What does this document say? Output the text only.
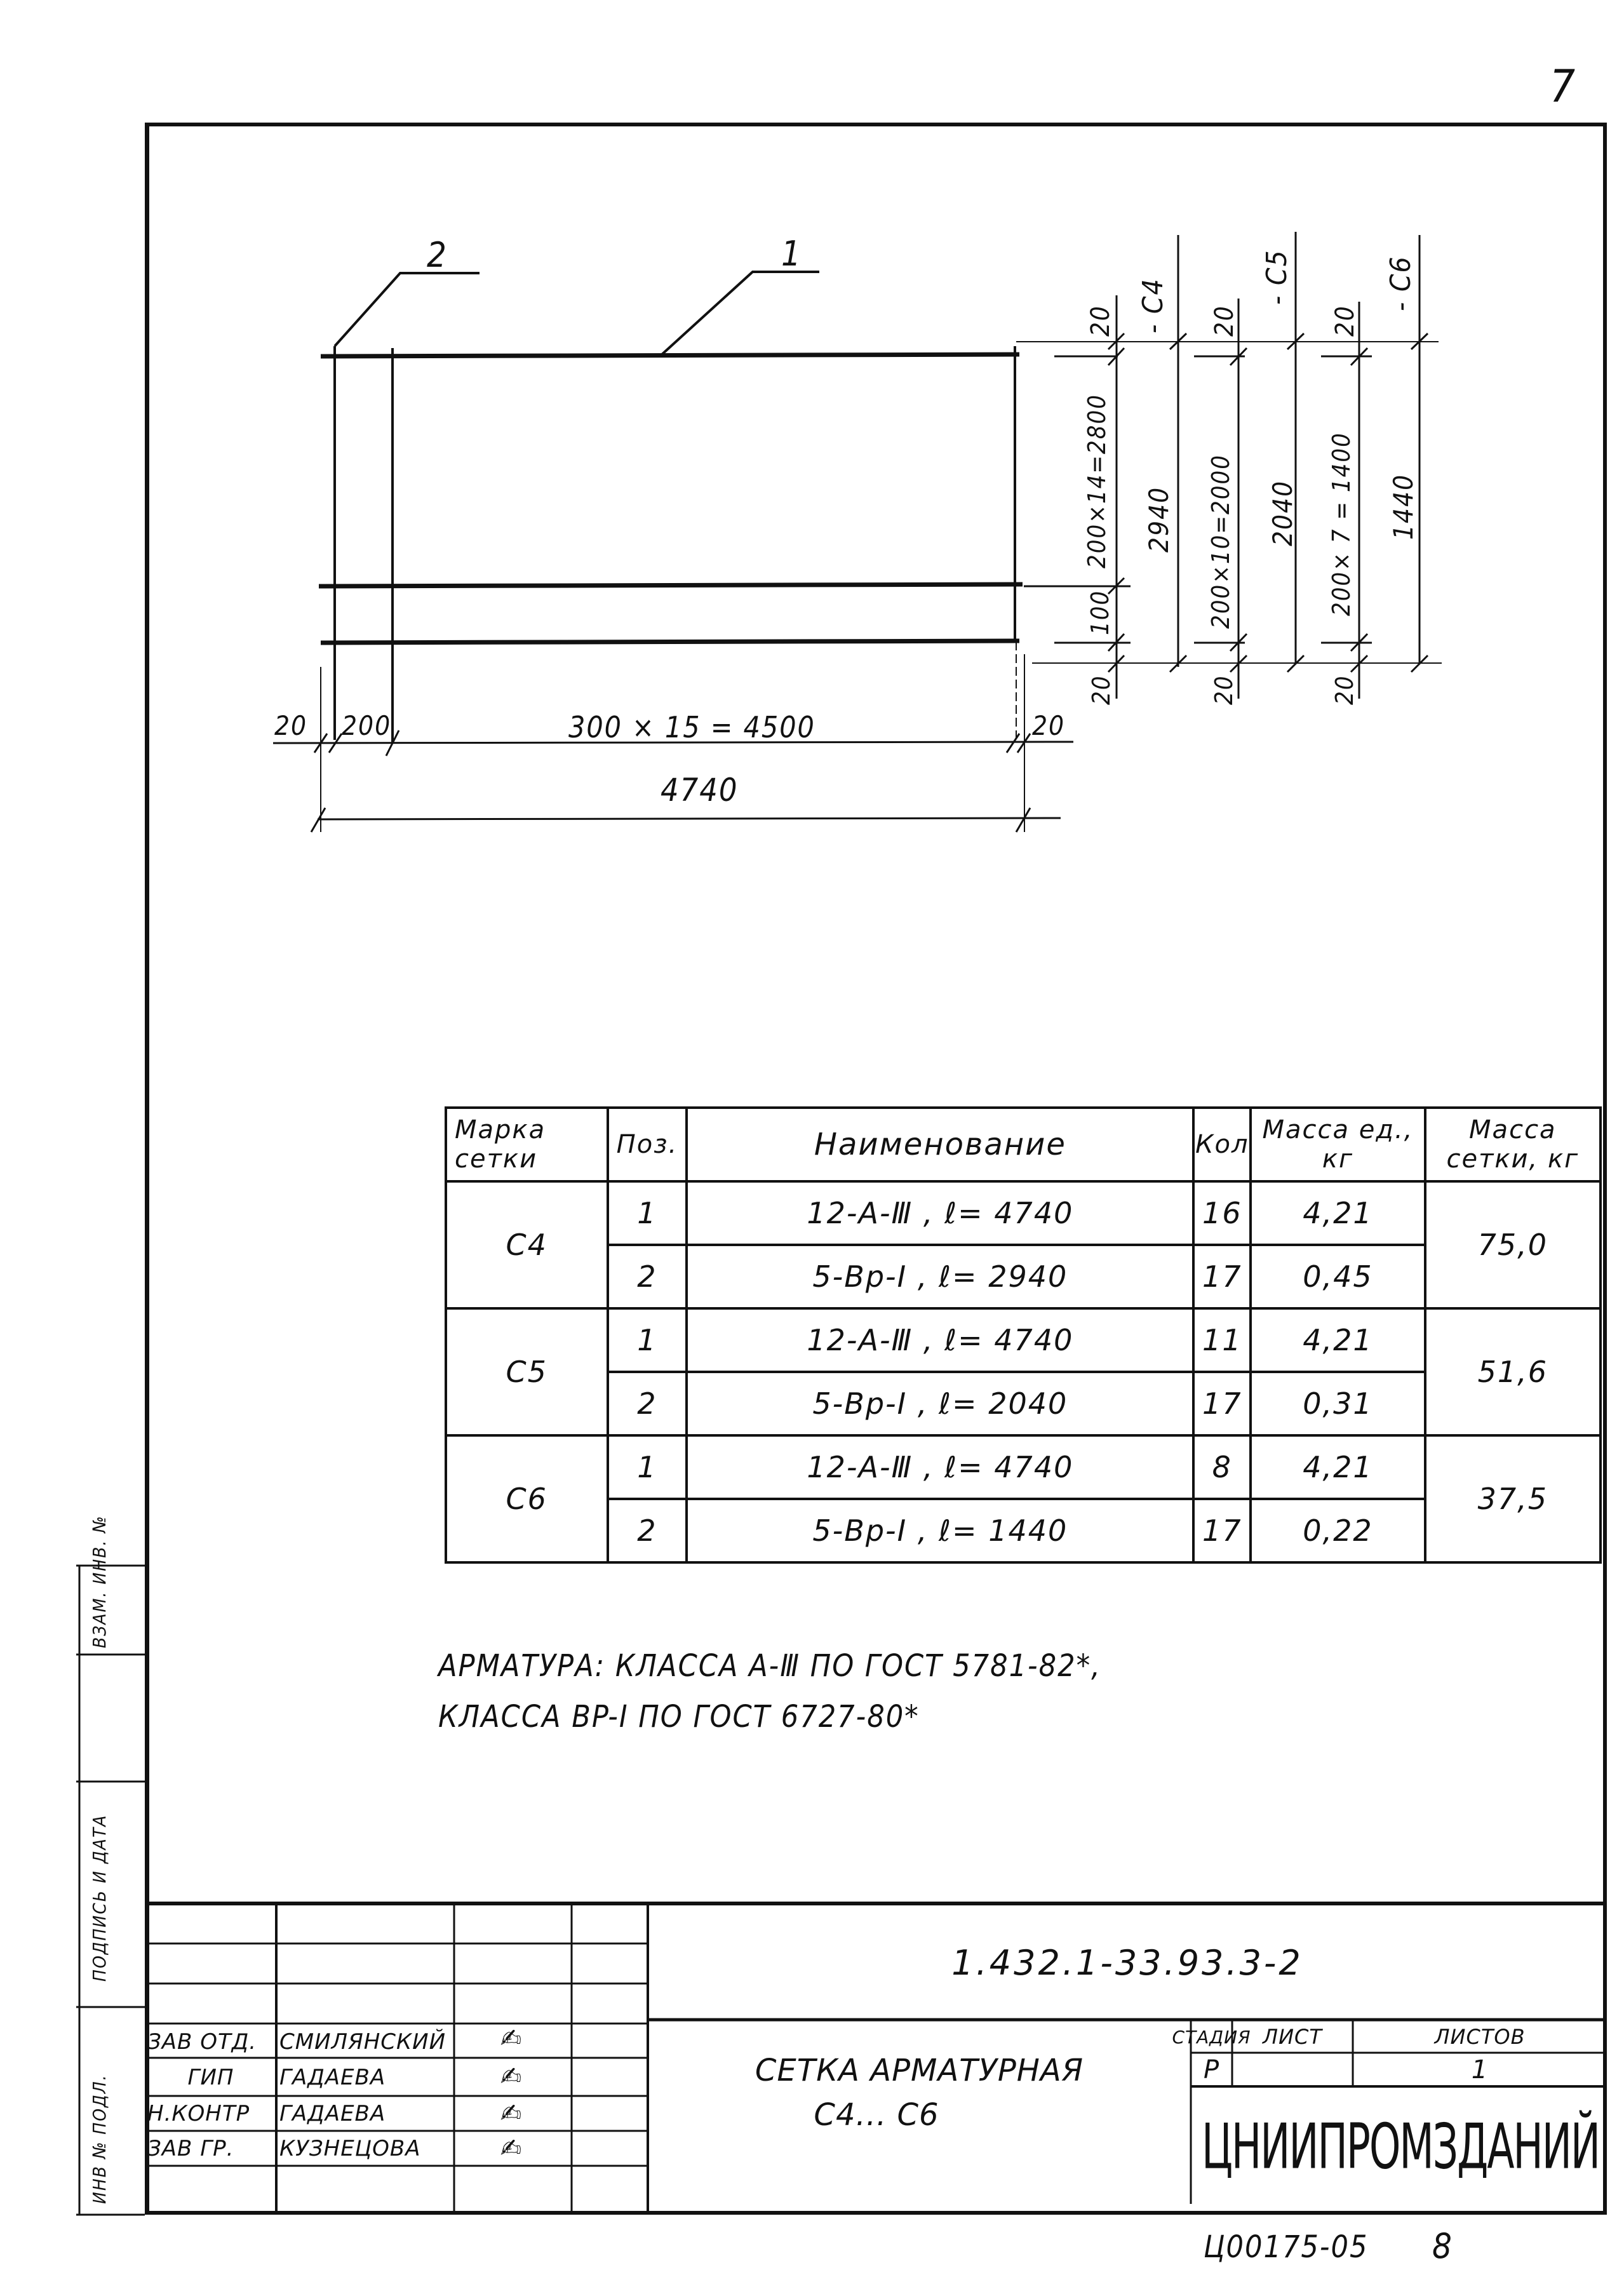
7
2	1
20 200	300 × 15 = 4500	20
4740
20 - С4
200×14=2800 2940
100
20
20
- С5
200×10=2000 2040
20
20
- С6
200× 7 = 1400 1440
20
Марка сетки	Поз.	Наименование	Кол	Масса ед., кг	Масса сетки, кг
С4	1	12-A-Ⅲ , ℓ= 4740	16	4,21	75,0
	2	5-Bp-I , ℓ= 2940	17	0,45	
С5	1	12-A-Ⅲ , ℓ= 4740	11	4,21	51,6
	2	5-Bp-I , ℓ= 2040	17	0,31	
С6	1	12-A-Ⅲ , ℓ= 4740	8	4,21	37,5
	2	5-Bp-I , ℓ= 1440	17	0,22	
АРМАТУРА: КЛАССА A-Ⅲ ПО ГОСТ 5781-82*,
КЛАССА BP-I ПО ГОСТ 6727-80*
ВЗАМ. ИНВ. №
ПОДПИСЬ И ДАТА
ИНВ № ПОДЛ.
ЗАВ ОТД.	СМИЛЯНСКИЙ	✍
ГИП	ГАДАЕВА	✍
Н.КОНТР	ГАДАЕВА	✍
ЗАВ ГР.	КУЗНЕЦОВА	✍
1.432.1-33.93.3-2
СЕТКА АРМАТУРНАЯ
С4... С6
СТАДИЯ ЛИСТ	ЛИСТОВ
Р	1
ЦНИИПРОМЗДАНИЙ
Ц00175-05 8
